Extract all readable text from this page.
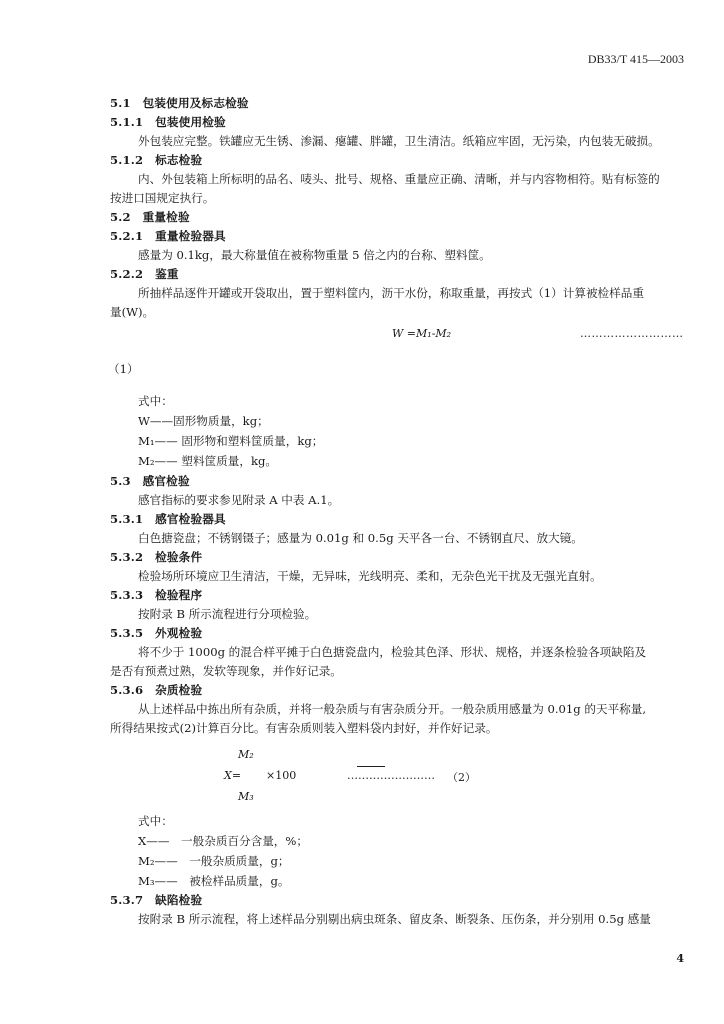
DB33/T 415—2003
5.1　包装使用及标志检验
5.1.1　包装使用检验
外包装应完整。铁罐应无生锈、渗漏、瘪罐、胖罐，卫生清洁。纸箱应牢固，无污染，内包装无破损。
5.1.2　标志检验
内、外包装箱上所标明的品名、唛头、批号、规格、重量应正确、清晰，并与内容物相符。贴有标签的
按进口国规定执行。
5.2　重量检验
5.2.1　重量检验器具
感量为 0.1kg，最大称量值在被称物重量 5 倍之内的台称、塑料筐。
5.2.2　鉴重
所抽样品逐件开罐或开袋取出，置于塑料筐内，沥干水份，称取重量，再按式（1）计算被检样品重
量(W)。
W =M₁-M₂	………………………
（1）
式中：
W——固形物质量，kg；
M₁—— 固形物和塑料筐质量，kg；
M₂—— 塑料筐质量，kg。
5.3　感官检验
感官指标的要求参见附录 A 中表 A.1。
5.3.1　感官检验器具
白色搪瓷盘；不锈钢镊子；感量为 0.01g 和 0.5g 天平各一台、不锈钢直尺、放大镜。
5.3.2　检验条件
检验场所环境应卫生清洁，干燥，无异味，光线明亮、柔和，无杂色光干扰及无强光直射。
5.3.3　检验程序
按附录 B 所示流程进行分项检验。
5.3.5　外观检验
将不少于 1000g 的混合样平摊于白色搪瓷盘内，检验其色泽、形状、规格，并逐条检验各项缺陷及
是否有预煮过熟，发软等现象，并作好记录。
5.3.6　杂质检验
从上述样品中拣出所有杂质，并将一般杂质与有害杂质分开。一般杂质用感量为 0.01g 的天平称量,
所得结果按式(2)计算百分比。有害杂质则装入塑料袋内封好，并作好记录。
M₂
X= ×100	…………………… （2）
M₃
式中：
X——　一般杂质百分含量，%；
M₂——　一般杂质质量，g；
M₃——　被检样品质量，g。
5.3.7　缺陷检验
按附录 B 所示流程，将上述样品分别剔出病虫斑条、留皮条、断裂条、压伤条，并分别用 0.5g 感量
4
